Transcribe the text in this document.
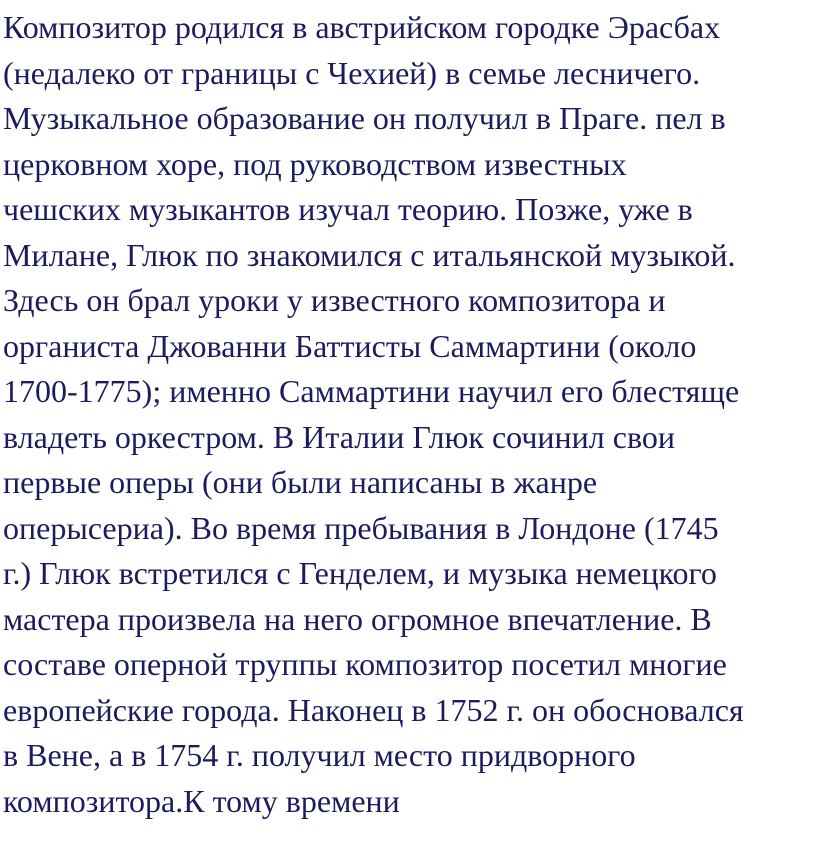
Композитор родился в австрийском городке Эрасбах
(недалеко от границы с Чехией) в семье лесничего.
Музыкальное образование он получил в Праге. пел в
церковном хоре, под руководством известных
чешских музыкантов изучал теорию. Позже, уже в
Милане, Глюк по знакомился с итальянской музыкой.
Здесь он брал уроки у известного композитора и
органиста Джованни Баттисты Саммартини (около
1700-1775); именно Саммартини научил его блестяще
владеть оркестром. В Италии Глюк сочинил свои
первые оперы (они были написаны в жанре
оперысериа). Во время пребывания в Лондоне (1745
г.) Глюк встретился с Генделем, и музыка немецкого
мастера произвела на него огромное впечатление. В
составе оперной труппы композитор посетил многие
европейские города. Наконец в 1752 г. он обосновался
в Вене, а в 1754 г. получил место придворного
композитора.К тому времени
